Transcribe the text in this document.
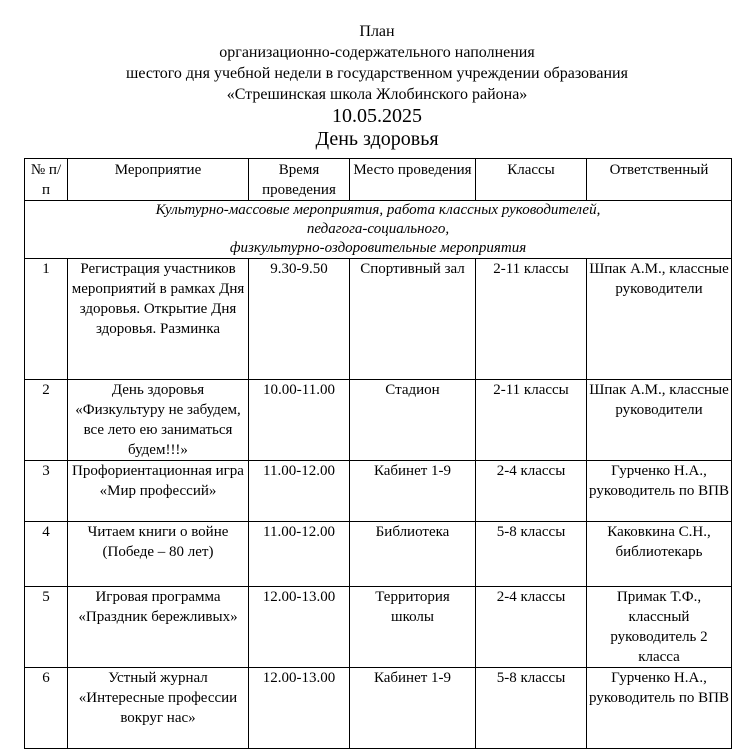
План
организационно-содержательного наполнения
шестого дня учебной недели в государственном учреждении образования
«Стрешинская школа Жлобинского района»
10.05.2025
День здоровья
№ п/п	Мероприятие	Время проведения	Место проведения	Классы	Ответственный

Культурно-массовые мероприятия, работа классных руководителей,
педагога-социального,
физкультурно-оздоровительные мероприятия					

1	Регистрация участников мероприятий в рамках Дня здоровья. Открытие Дня здоровья. Разминка	9.30-9.50	Спортивный зал	2-11 классы	Шпак А.М., классные руководители
2	День здоровья «Физкультуру не забудем, все лето ею заниматься будем!!!»	10.00-11.00	Стадион	2-11 классы	Шпак А.М., классные руководители
3	Профориентационная игра «Мир профессий»	11.00-12.00	Кабинет 1-9	2-4 классы	Гурченко Н.А., руководитель по ВПВ
4	Читаем книги о войне (Победе – 80 лет)	11.00-12.00	Библиотека	5-8 классы	Каковкина С.Н., библиотекарь
5	Игровая программа «Праздник бережливых»	12.00-13.00	Территория школы	2-4 классы	Примак Т.Ф., классный руководитель 2 класса
6	Устный журнал «Интересные профессии вокруг нас»	12.00-13.00	Кабинет 1-9	5-8 классы	Гурченко Н.А., руководитель по ВПВ
